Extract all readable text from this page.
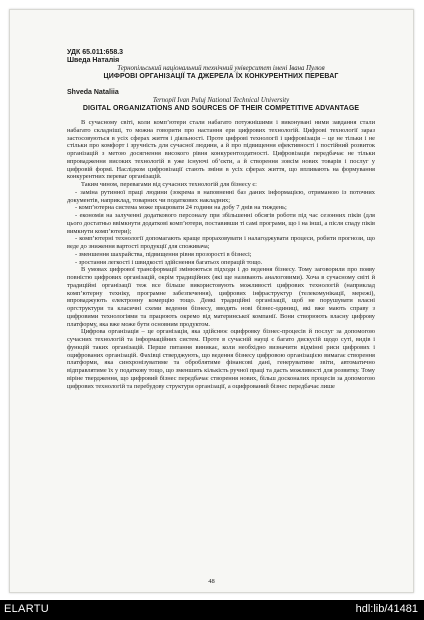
УДК 65.011:658.3
Шведа Наталія
Тернопільський національний технічний університет імені Івана Пулюя
ЦИФРОВІ ОРГАНІЗАЦІЇ ТА ДЖЕРЕЛА ЇХ КОНКУРЕНТНИХ ПЕРЕВАГ
Shveda Nataliia
Ternopil Ivan Puluj National Technical University
DIGITAL ORGANIZATIONS AND SOURCES OF THEIR COMPETITIVE ADVANTAGE

В сучасному світі, коли комп’ютери стали набагато потужнішими і виконувані ними завдання стали набагато складніші, то можна говорити про настання ери цифрових технологій. Цифрові технології зараз застосовуються в усіх сферах життя і діяльності. Проте цифрові технології і цифровізація – це не тільки і не стільки про комфорт і зручність для сучасної людини, а й про підвищення ефективності і постійний розвиток організацій з метою досягнення високого рівня конкурентоздатності. Цифровізація передбачає не тільки впровадження високих технологій в уже існуючі об’єкти, а й створення зовсім нових товарів і послуг у цифровій формі. Наслідком цифровізації стають зміни в усіх сферах життя, що впливають на формування конкурентних переваг організацій.

Таким чином, перевагами від сучасних технологій для бізнесу є:

- заміна рутинної праці людини (зокрема в наповненні баз даних інформацією, отриманою із поточних документів, наприклад, товарних чи податкових накладних;

- комп’ютерна система може працювати 24 години на добу 7 днів на тиждень;

- економія на залученні додаткового персоналу при збільшенні обсягів роботи під час сезонних піків (для цього достатньо ввімкнути додаткові комп’ютери, поставивши ті самі програми, що і на інші, а після спаду піків вимкнути комп’ютери);

- комп’ютерні технології допомагають краще прораховувати і налагоджувати процеси, робити прогнози, що веде до зниження вартості продукції для споживача;

- зменшення шахрайства, підвищення рівня прозорості в бізнесі;

- зростання легкості і швидкості здійснення багатьох операцій тощо.

В умовах цифрової трансформації змінюються підходи і до ведення бізнесу. Тому заговорили про появу повністю цифрових організацій, окрім традиційних (які ще називають аналоговими). Хоча в сучасному світі й традиційні організації теж все більше використовують можливості цифрових технологій (наприклад комп’ютерну техніку, програмне забезпечення), цифрових інфраструктур (телекомунікації, мережі), впроваджують електронну комерцію тощо. Деякі традиційні організації, щоб не порушувати власні оргструктури та класичні схеми ведення бізнесу, вводять нові бізнес-одиниці, які вже мають справу з цифровими технологіями та працюють окремо від материнської компанії. Вони створюють власну цифрову платформу, яка вже може бути основним продуктом.

Цифрова організація – це організація, яка здійснює оцифровку бізнес-процесів й послуг за допомогою сучасних технологій та інформаційних систем. Проте в сучасній науці є багато дискусій щодо суті, видів і функцій таких організацій. Перше питання виникає, коли необхідно визначити відмінні риси цифрових і оцифрованих організацій. Фахівці стверджують, що ведення бізнесу цифровою організацією вимагає створення платформи, яка синхронізуватиме та оброблятиме фінансові дані, генеруватиме звіти, автоматично відправлятиме їх у податкову тощо, що зменшить кількість ручної праці та дасть можливості для розвитку. Тому віріне твердження, що цифровий бізнес передбачає створення нових, більш досконалих процесів за допомогою цифрових технологій та перебудову структури організації, а оцифрований бізнес передбачає лише

48
ELARTU	hdl:lib/41481
